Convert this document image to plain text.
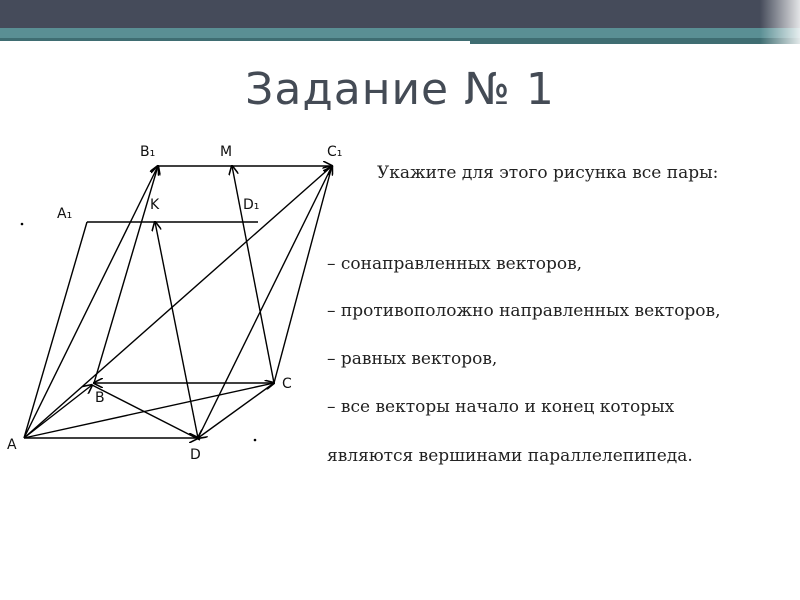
Задание № 1
A
B
C
D
A₁
B₁	C₁
D₁
K
M
Укажите для этого рисунка все пары:
– сонаправленных векторов,
– противоположно направленных векторов,
– равных векторов,
– все векторы начало и конец которых
являются вершинами параллелепипеда.
